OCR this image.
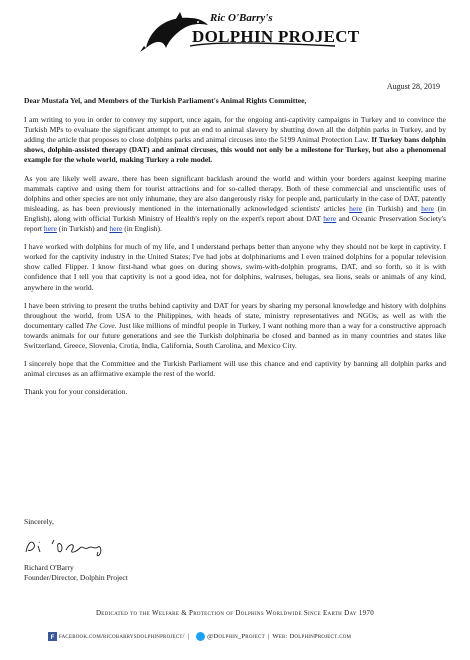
Ric O'Barry's
DOLPHIN PROJECT
August 28, 2019

Dear Mustafa Yel, and Members of the Turkish Parliament's Animal Rights Committee,

I am writing to you in order to convey my support, once again, for the ongoing anti-captivity campaigns in Turkey and to convince the Turkish MPs to evaluate the significant attempt to put an end to animal slavery by shutting down all the dolphin parks in Turkey, and by adding the article that proposes to close dolphins parks and animal circuses into the 5199 Animal Protection Law. If Turkey bans dolphin shows, dolphin-assisted therapy (DAT) and animal circuses, this would not only be a milestone for Turkey, but also a phenomenal example for the whole world, making Turkey a role model.

As you are likely well aware, there has been significant backlash around the world and within your borders against keeping marine mammals captive and using them for tourist attractions and for so-called therapy. Both of these commercial and unscientific uses of dolphins and other species are not only inhumane, they are also dangerously risky for people and, particularly in the case of DAT, patently misleading, as has been previously mentioned in the internationally acknowledged scientists' articles here (in Turkish) and here (in English), along with official Turkish Ministry of Health's reply on the expert's report about DAT here and Oceanic Preservation Society's report here (in Turkish) and here (in English).

I have worked with dolphins for much of my life, and I understand perhaps better than anyone why they should not be kept in captivity. I worked for the captivity industry in the United States; I've had jobs at dolphinariums and I even trained dolphins for a popular television show called Flipper. I know first-hand what goes on during shows, swim-with-dolphin programs, DAT, and so forth, so it is with confidence that I tell you that captivity is not a good idea, not for dolphins, walruses, belugas, sea lions, seals or animals of any kind, anywhere in the world.

I have been striving to present the truths behind captivity and DAT for years by sharing my personal knowledge and history with dolphins throughout the world, from USA to the Philippines, with heads of state, ministry representatives and NGOs, as well as with the documentary called The Cove. Just like millions of mindful people in Turkey, I want nothing more than a way for a constructive approach towards animals for our future generations and see the Turkish dolphinaria be closed and banned as in many countries and states like Switzerland, Greece, Slovenia, Crotia, India, California, South Carolina, and Mexico City.

I sincerely hope that the Committee and the Turkish Parliament will use this chance and end captivity by banning all dolphin parks and animal circuses as an affirmative example the rest of the world.

Thank you for your consideration.

Sincerely,
Richard O'Barry
Founder/Director, Dolphin Project
Dedicated to the Welfare & Protection of Dolphins Worldwide Since Earth Day 1970
f facebook.com/ricobarrysdolphinproject/ |	@Dolphin_Project | Web: DolphinProject.com
